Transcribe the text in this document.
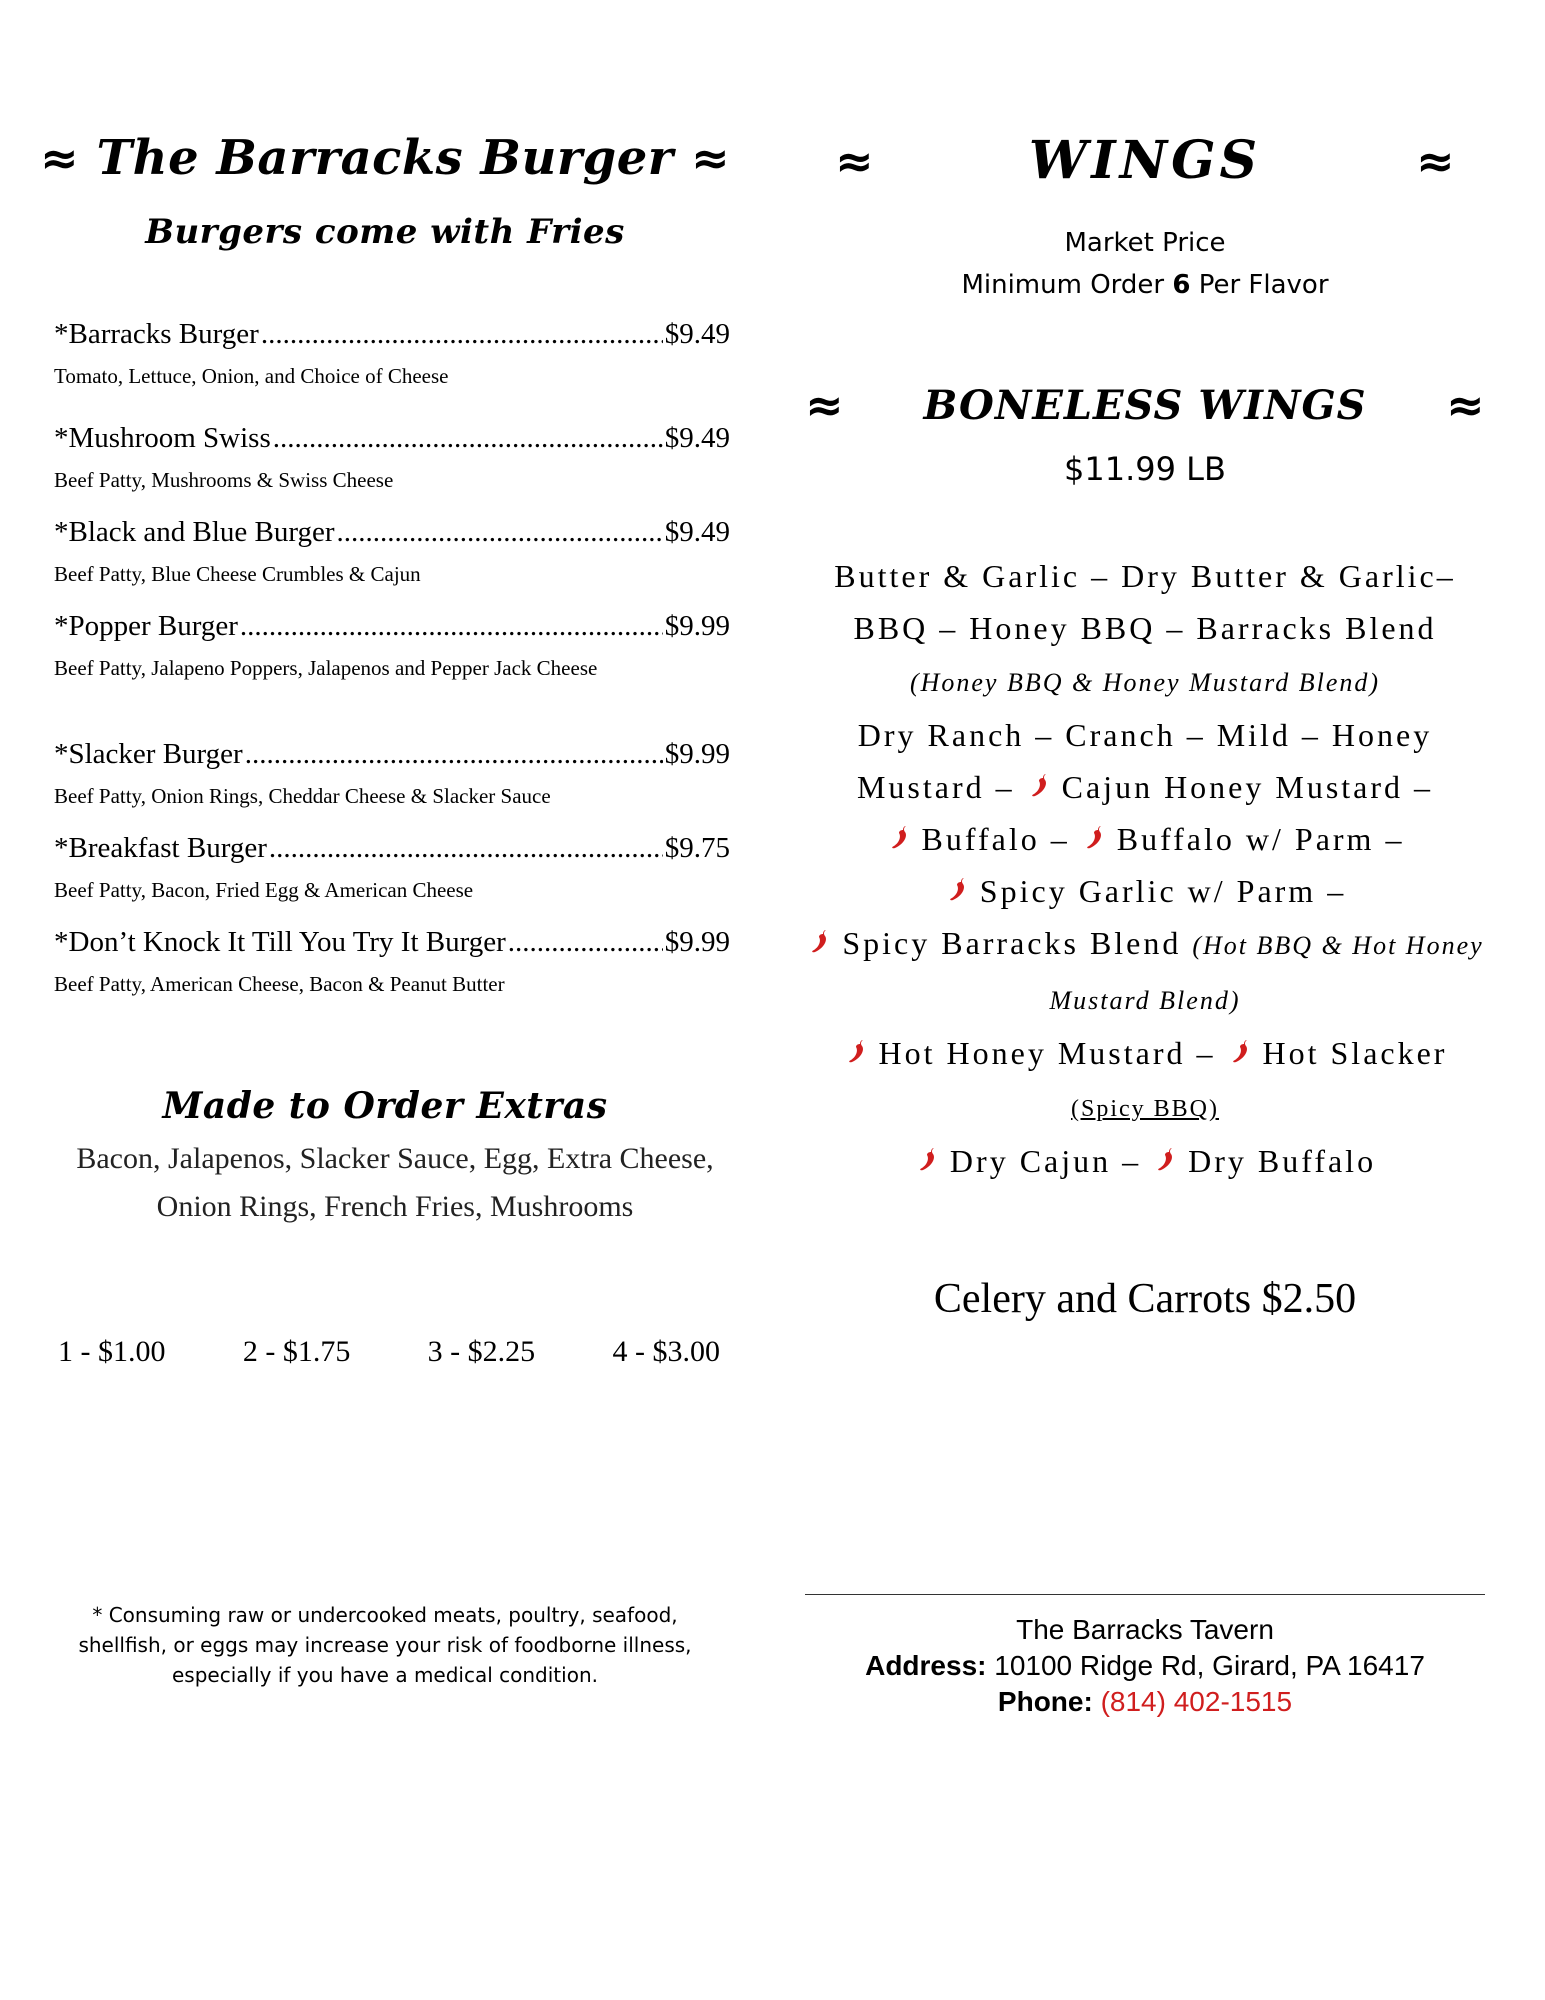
≈ The Barracks Burger ≈
Burgers come with Fries
*Barracks Burger .....	$9.49
Tomato, Lettuce, Onion, and Choice of Cheese
*Mushroom Swiss .....	$9.49
Beef Patty, Mushrooms & Swiss Cheese
*Black and Blue Burger .....	$9.49
Beef Patty, Blue Cheese Crumbles & Cajun
*Popper Burger .....	$9.99
Beef Patty, Jalapeno Poppers, Jalapenos and Pepper Jack Cheese
*Slacker Burger .....	$9.99
Beef Patty, Onion Rings, Cheddar Cheese & Slacker Sauce
*Breakfast Burger .....	$9.75
Beef Patty, Bacon, Fried Egg & American Cheese
*Don’t Knock It Till You Try It Burger .....	$9.99
Beef Patty, American Cheese, Bacon & Peanut Butter
Made to Order Extras
Bacon, Jalapenos, Slacker Sauce, Egg, Extra Cheese, Onion Rings, French Fries, Mushrooms
1 - $1.00	2 - $1.75	3 - $2.25	4 - $3.00
* Consuming raw or undercooked meats, poultry, seafood, shellfish, or eggs may increase your risk of foodborne illness, especially if you have a medical condition.
≈	WINGS	≈
Market Price
Minimum Order 6 Per Flavor
≈ BONELESS WINGS ≈
$11.99 LB
Butter & Garlic – Dry Butter & Garlic– BBQ – Honey BBQ – Barracks Blend (Honey BBQ & Honey Mustard Blend)
Dry Ranch – Cranch – Mild – Honey Mustard – Cajun Honey Mustard –
Buffalo – Buffalo w/ Parm –
Spicy Garlic w/ Parm –
Spicy Barracks Blend (Hot BBQ & Hot Honey Mustard Blend)
Hot Honey Mustard – Hot Slacker (Spicy BBQ)
Dry Cajun – Dry Buffalo
Celery and Carrots $2.50
The Barracks Tavern
Address: 10100 Ridge Rd, Girard, PA 16417
Phone: (814) 402-1515
